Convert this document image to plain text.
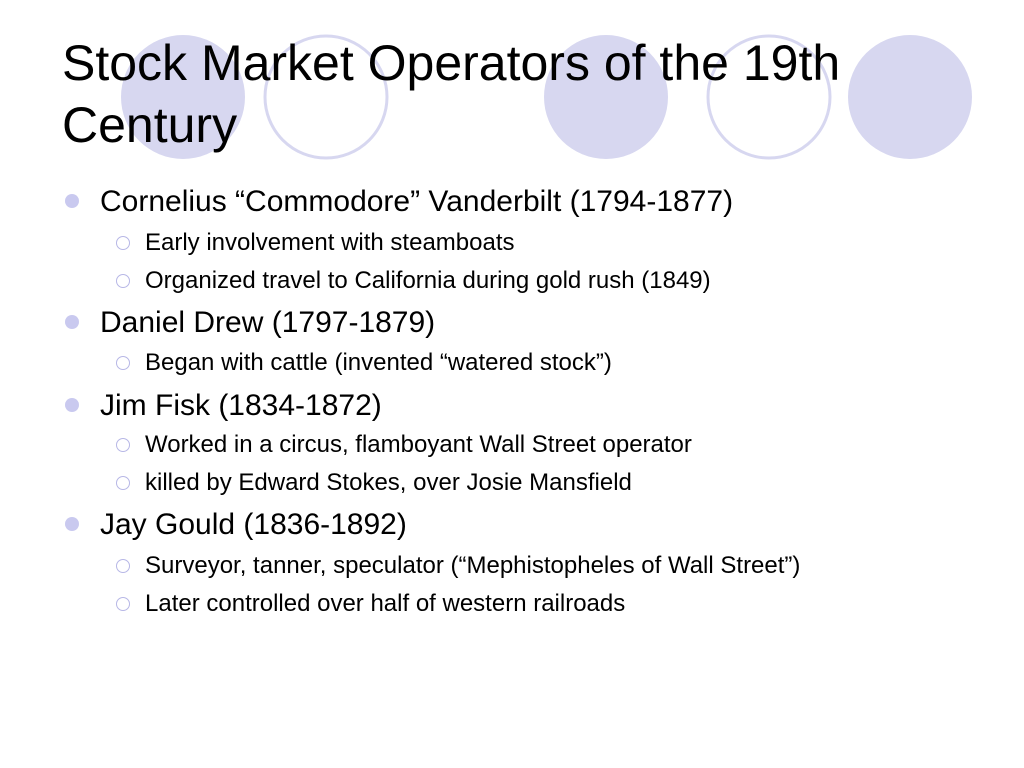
Stock Market Operators of the 19th
Century
Cornelius “Commodore” Vanderbilt (1794-1877)
Early involvement with steamboats
Organized travel to California during gold rush (1849)
Daniel Drew (1797-1879)
Began with cattle (invented “watered stock”)
Jim Fisk (1834-1872)
Worked in a circus, flamboyant Wall Street operator
killed by Edward Stokes, over Josie Mansfield
Jay Gould (1836-1892)
Surveyor, tanner, speculator (“Mephistopheles of Wall Street”)
Later controlled over half of western railroads
